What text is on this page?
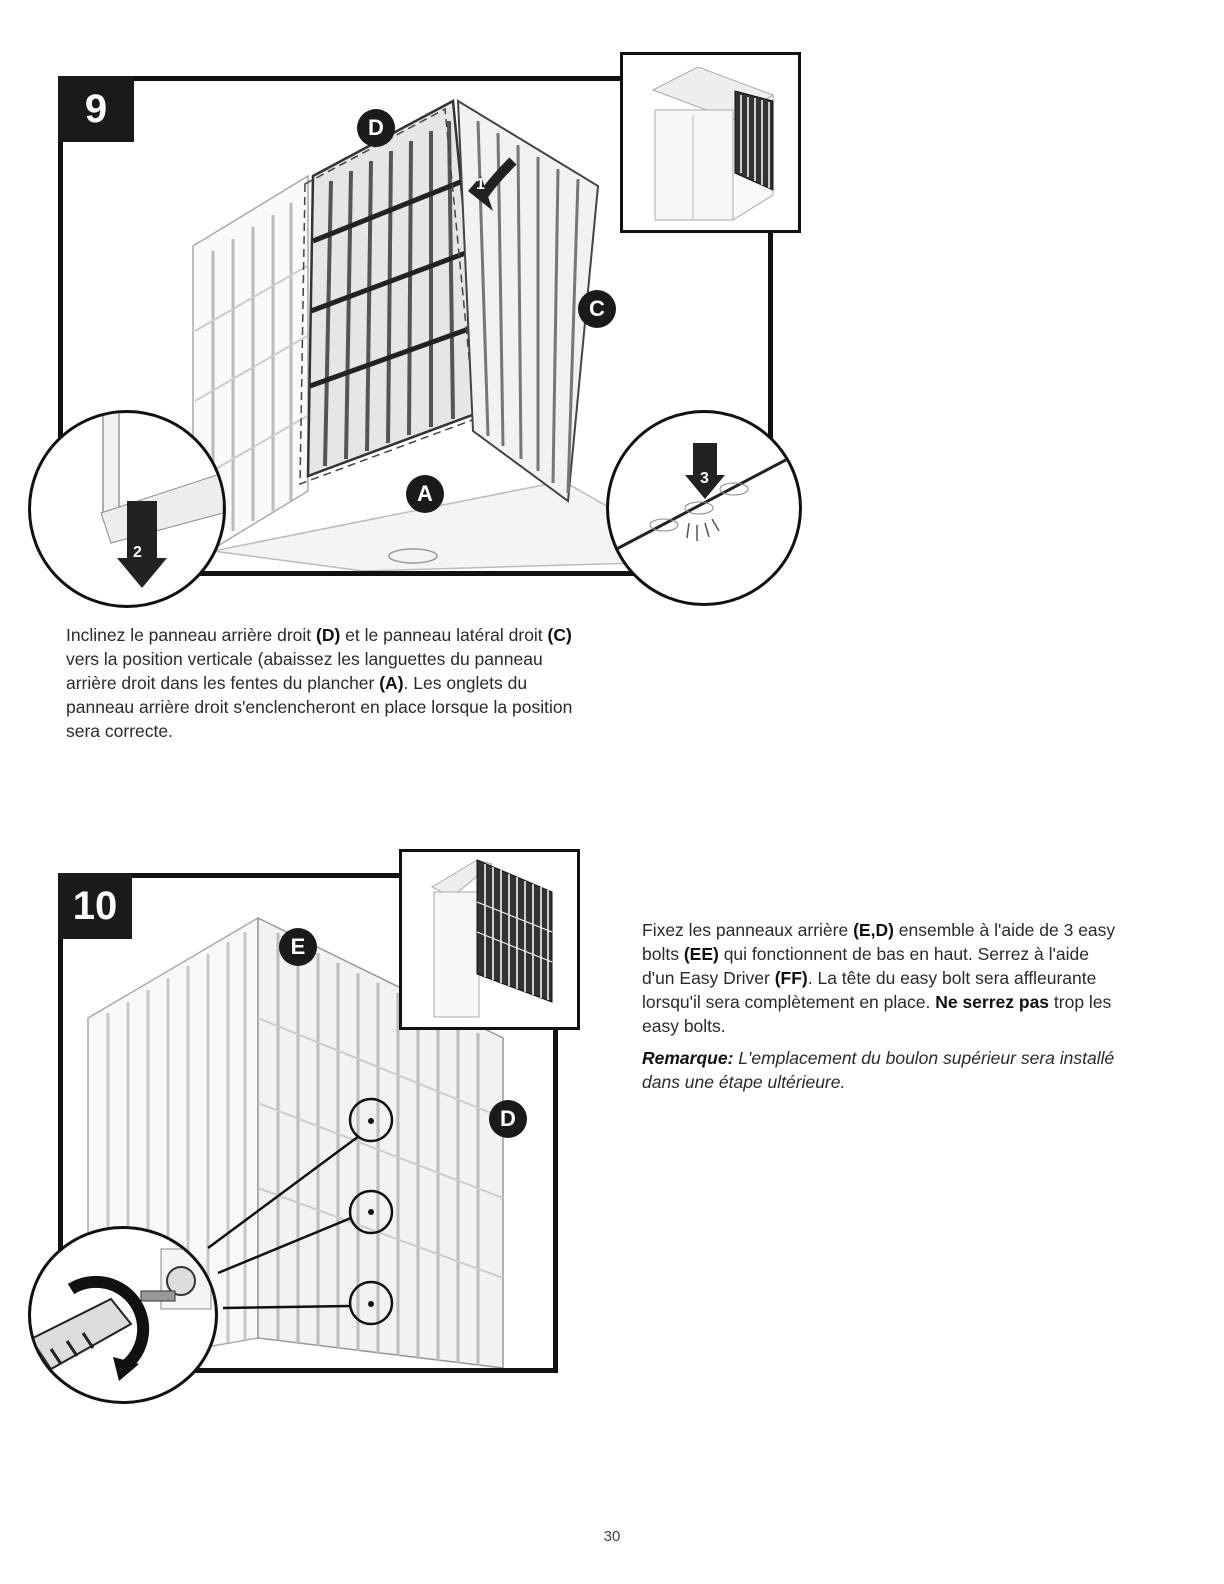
9	D
C
A
1
2
3
Inclinez le panneau arrière droit (D) et le panneau latéral droit (C) vers la position verticale (abaissez les languettes du panneau arrière droit dans les fentes du plancher (A). Les onglets du panneau arrière droit s'enclencheront en place lorsque la position sera correcte.
10
E
D
Fixez les panneaux arrière (E,D) ensemble à l'aide de 3 easy bolts (EE) qui fonctionnent de bas en haut. Serrez à l'aide d'un Easy Driver (FF). La tête du easy bolt sera affleurante lorsqu'il sera complètement en place. Ne serrez pas trop les easy bolts.
Remarque: L'emplacement du boulon supérieur sera installé dans une étape ultérieure.
30
